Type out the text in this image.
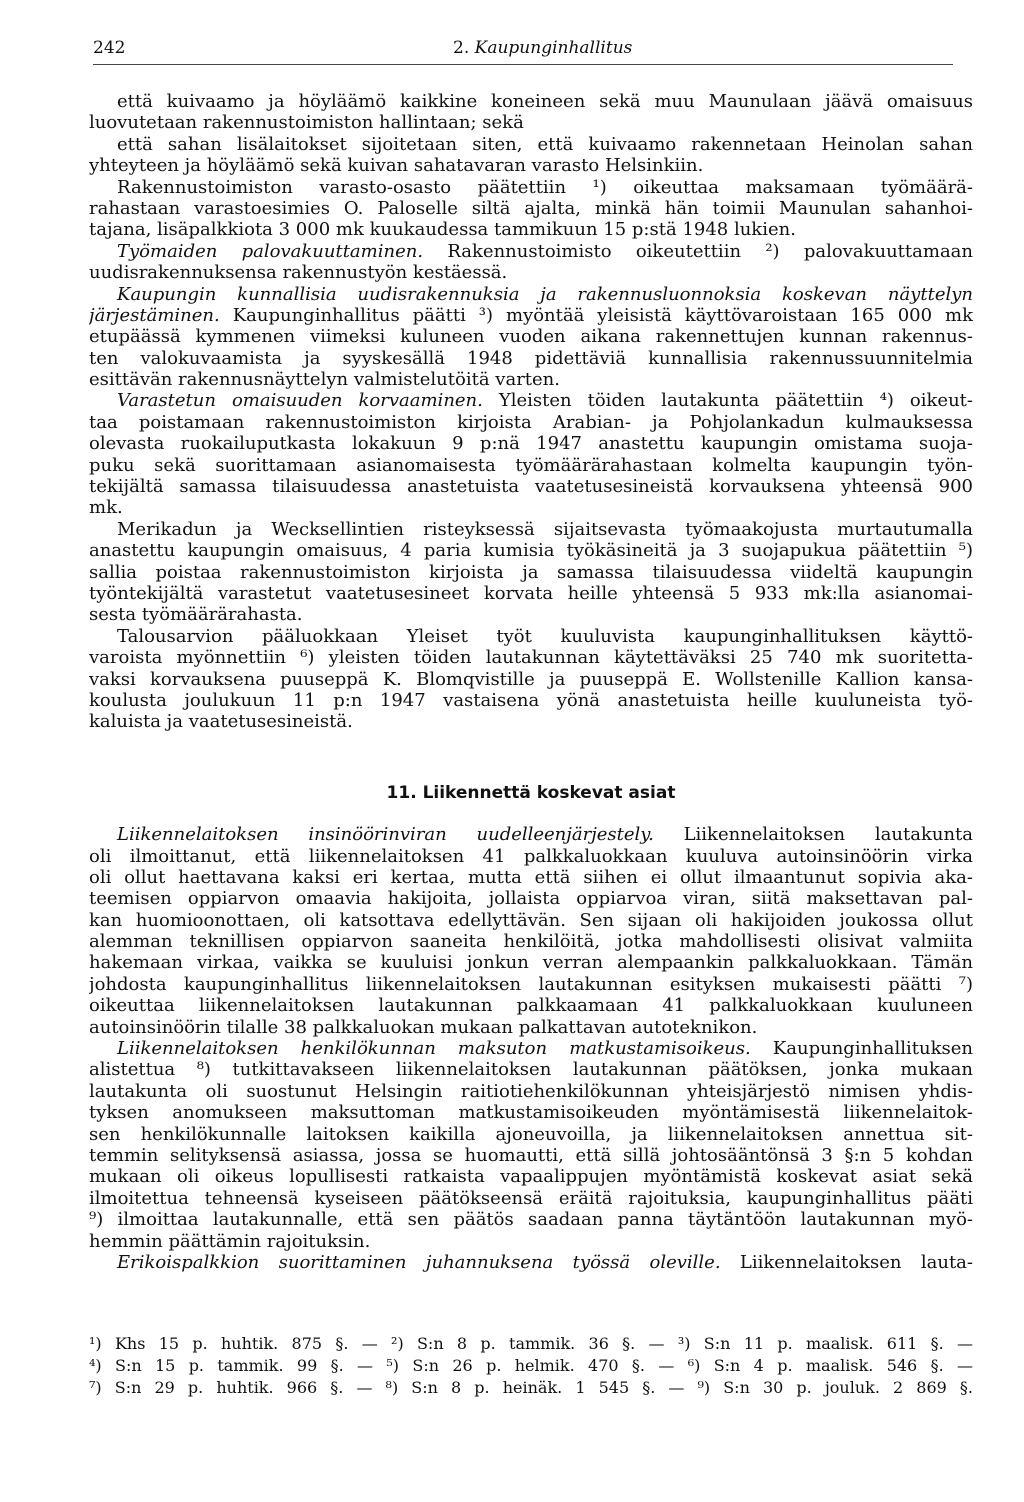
242	2. Kaupunginhallitus
että kuivaamo ja höyläämö kaikkine koneineen sekä muu Maunulaan jäävä omaisuus
luovutetaan rakennustoimiston hallintaan; sekä
että sahan lisälaitokset sijoitetaan siten, että kuivaamo rakennetaan Heinolan sahan
yhteyteen ja höyläämö sekä kuivan sahatavaran varasto Helsinkiin.
Rakennustoimiston varasto-osasto päätettiin ¹) oikeuttaa maksamaan työmäärä-
rahastaan varastoesimies O. Paloselle siltä ajalta, minkä hän toimii Maunulan sahanhoi-
tajana, lisäpalkkiota 3 000 mk kuukaudessa tammikuun 15 p:stä 1948 lukien.
Työmaiden palovakuuttaminen. Rakennustoimisto oikeutettiin ²) palovakuuttamaan
uudisrakennuksensa rakennustyön kestäessä.
Kaupungin kunnallisia uudisrakennuksia ja rakennusluonnoksia koskevan näyttelyn
järjestäminen. Kaupunginhallitus päätti ³) myöntää yleisistä käyttövaroistaan 165 000 mk
etupäässä kymmenen viimeksi kuluneen vuoden aikana rakennettujen kunnan rakennus-
ten valokuvaamista ja syyskesällä 1948 pidettäviä kunnallisia rakennussuunnitelmia
esittävän rakennusnäyttelyn valmistelutöitä varten.
Varastetun omaisuuden korvaaminen. Yleisten töiden lautakunta päätettiin ⁴) oikeut-
taa poistamaan rakennustoimiston kirjoista Arabian- ja Pohjolankadun kulmauksessa
olevasta ruokailuputkasta lokakuun 9 p:nä 1947 anastettu kaupungin omistama suoja-
puku sekä suorittamaan asianomaisesta työmäärärahastaan kolmelta kaupungin työn-
tekijältä samassa tilaisuudessa anastetuista vaatetusesineistä korvauksena yhteensä 900
mk.
Merikadun ja Wecksellintien risteyksessä sijaitsevasta työmaakojusta murtautumalla
anastettu kaupungin omaisuus, 4 paria kumisia työkäsineitä ja 3 suojapukua päätettiin ⁵)
sallia poistaa rakennustoimiston kirjoista ja samassa tilaisuudessa viideltä kaupungin
työntekijältä varastetut vaatetusesineet korvata heille yhteensä 5 933 mk:lla asianomai-
sesta työmäärärahasta.
Talousarvion pääluokkaan Yleiset työt kuuluvista kaupunginhallituksen käyttö-
varoista myönnettiin ⁶) yleisten töiden lautakunnan käytettäväksi 25 740 mk suoritetta-
vaksi korvauksena puuseppä K. Blomqvistille ja puuseppä E. Wollstenille Kallion kansa-
koulusta joulukuun 11 p:n 1947 vastaisena yönä anastetuista heille kuuluneista työ-
kaluista ja vaatetusesineistä.
11. Liikennettä koskevat asiat
Liikennelaitoksen insinöörinviran uudelleenjärjestely. Liikennelaitoksen lautakunta
oli ilmoittanut, että liikennelaitoksen 41 palkkaluokkaan kuuluva autoinsinöörin virka
oli ollut haettavana kaksi eri kertaa, mutta että siihen ei ollut ilmaantunut sopivia aka-
teemisen oppiarvon omaavia hakijoita, jollaista oppiarvoa viran, siitä maksettavan pal-
kan huomioonottaen, oli katsottava edellyttävän. Sen sijaan oli hakijoiden joukossa ollut
alemman teknillisen oppiarvon saaneita henkilöitä, jotka mahdollisesti olisivat valmiita
hakemaan virkaa, vaikka se kuuluisi jonkun verran alempaankin palkkaluokkaan. Tämän
johdosta kaupunginhallitus liikennelaitoksen lautakunnan esityksen mukaisesti päätti ⁷)
oikeuttaa liikennelaitoksen lautakunnan palkkaamaan 41 palkkaluokkaan kuuluneen
autoinsinöörin tilalle 38 palkkaluokan mukaan palkattavan autoteknikon.
Liikennelaitoksen henkilökunnan maksuton matkustamisoikeus. Kaupunginhallituksen
alistettua ⁸) tutkittavakseen liikennelaitoksen lautakunnan päätöksen, jonka mukaan
lautakunta oli suostunut Helsingin raitiotiehenkilökunnan yhteisjärjestö nimisen yhdis-
tyksen anomukseen maksuttoman matkustamisoikeuden myöntämisestä liikennelaitok-
sen henkilökunnalle laitoksen kaikilla ajoneuvoilla, ja liikennelaitoksen annettua sit-
temmin selityksensä asiassa, jossa se huomautti, että sillä johtosääntönsä 3 §:n 5 kohdan
mukaan oli oikeus lopullisesti ratkaista vapaalippujen myöntämistä koskevat asiat sekä
ilmoitettua tehneensä kyseiseen päätökseensä eräitä rajoituksia, kaupunginhallitus pääti
⁹) ilmoittaa lautakunnalle, että sen päätös saadaan panna täytäntöön lautakunnan myö-
hemmin päättämin rajoituksin.
Erikoispalkkion suorittaminen juhannuksena työssä oleville. Liikennelaitoksen lauta-
¹) Khs 15 p. huhtik. 875 §. — ²) S:n 8 p. tammik. 36 §. — ³) S:n 11 p. maalisk. 611 §. —
⁴) S:n 15 p. tammik. 99 §. — ⁵) S:n 26 p. helmik. 470 §. — ⁶) S:n 4 p. maalisk. 546 §. —
⁷) S:n 29 p. huhtik. 966 §. — ⁸) S:n 8 p. heinäk. 1 545 §. — ⁹) S:n 30 p. jouluk. 2 869 §.
